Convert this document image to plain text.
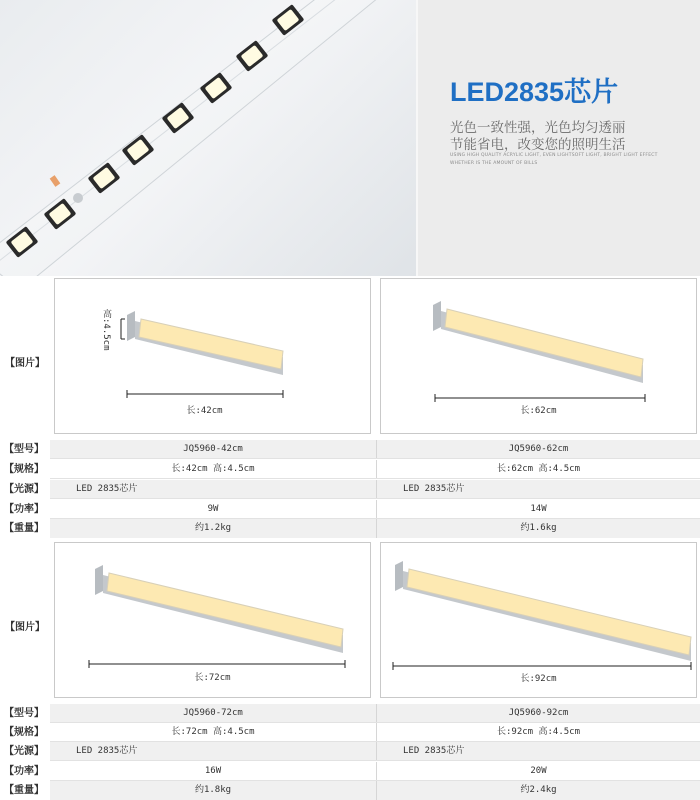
LED2835芯片
光色一致性强，光色均匀透丽
节能省电，改变您的照明生活
USING HIGH QUALITY ACRYLIC LIGHT, EVEN LIGHTSOFT LIGHT, BRIGHT LIGHT EFFECT
WHETHER IS THE AMOUNT OF BILLS
【图片】
高:4.5cm
长:42cm	长:62cm
【型号】	JQ5960-42cm	JQ5960-62cm
【规格】	长:42cm 高:4.5cm	长:62cm 高:4.5cm
【光源】	LED 2835芯片	LED 2835芯片
【功率】	9W	14W
【重量】	约1.2kg	约1.6kg
【图片】
长:72cm	长:92cm
【型号】	JQ5960-72cm	JQ5960-92cm
【规格】	长:72cm 高:4.5cm	长:92cm 高:4.5cm
【光源】	LED 2835芯片	LED 2835芯片
【功率】	16W	20W
【重量】	约1.8kg	约2.4kg
